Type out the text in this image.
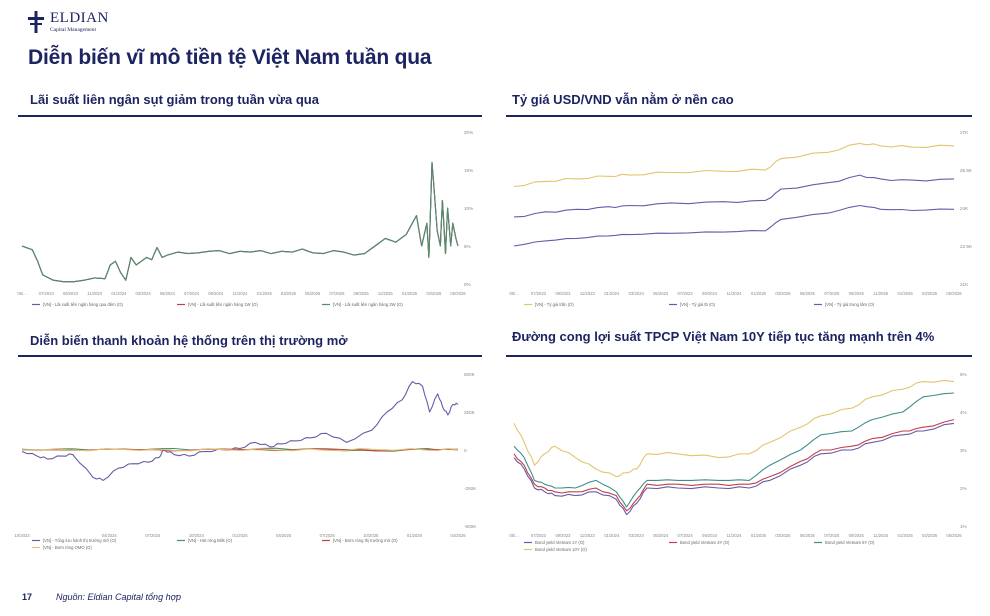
ELDIAN
Capital Management
Diễn biến vĩ mô tiền tệ Việt Nam tuần qua
Lãi suất liên ngân sụt giảm trong tuần vừa qua
20%
15%
10%
5%
0%
05/...	07/2023 09/2023 11/2023 01/2024 03/2024 05/2024 07/2024 09/2024 11/2024 01/2025 03/2025 05/2025 07/2025 09/2025 11/2025 01/2026 03/2026 05/2026
[VN] - Lãi suất liên ngân hàng qua đêm (O)	[VN] - Lãi suất liên ngân hàng 1W (O)	[VN] - Lãi suất liên ngân hàng 2W (O)
Tỷ giá USD/VND vẫn nằm ở nền cao
27K
25.5K
24K
22.5K
21K
05/...	07/2023 09/2023 11/2023 01/2024 03/2024 05/2024 07/2024 09/2024 11/2024 01/2025 03/2025 05/2025 07/2025 09/2025 11/2025 01/2026 03/2026 05/2026
[VN] - Tỷ giá trần (O)	[VN] - Tỷ giá tb (O)	[VN] - Tỷ giá trung tâm (O)
Diễn biến thanh khoản hệ thống trên thị trường mở
500K
250K
0
-250K
-500K
10/2023	04/2024	07/2024	10/2024	01/2025	04/2025	07/2025	10/2025	01/2026	04/2026
[VN] - Tổng lưu hành thị trường mở (O)	[VN] - Hút ròng Bills (O)	[VN] - Bơm ròng thị trường mở (O)
[VN] - Bơm ròng OMO (O)
Đường cong lợi suất TPCP Việt Nam 10Y tiếp tục tăng mạnh trên 4%
5%
4%
3%
2%
1%
05/...	07/2023 09/2023 11/2023 01/2024 03/2024 05/2024 07/2024 09/2024 11/2024 01/2025 03/2025 05/2025 07/2025 09/2025 11/2025 01/2026 03/2026 05/2026
Bond yield Vietnam 1Y (O)	Bond yield Vietnam 3Y (O)	Bond yield Vietnam 5Y (O)
Bond yield Vietnam 10Y (O)
17	Nguồn: Eldian Capital tổng hợp
